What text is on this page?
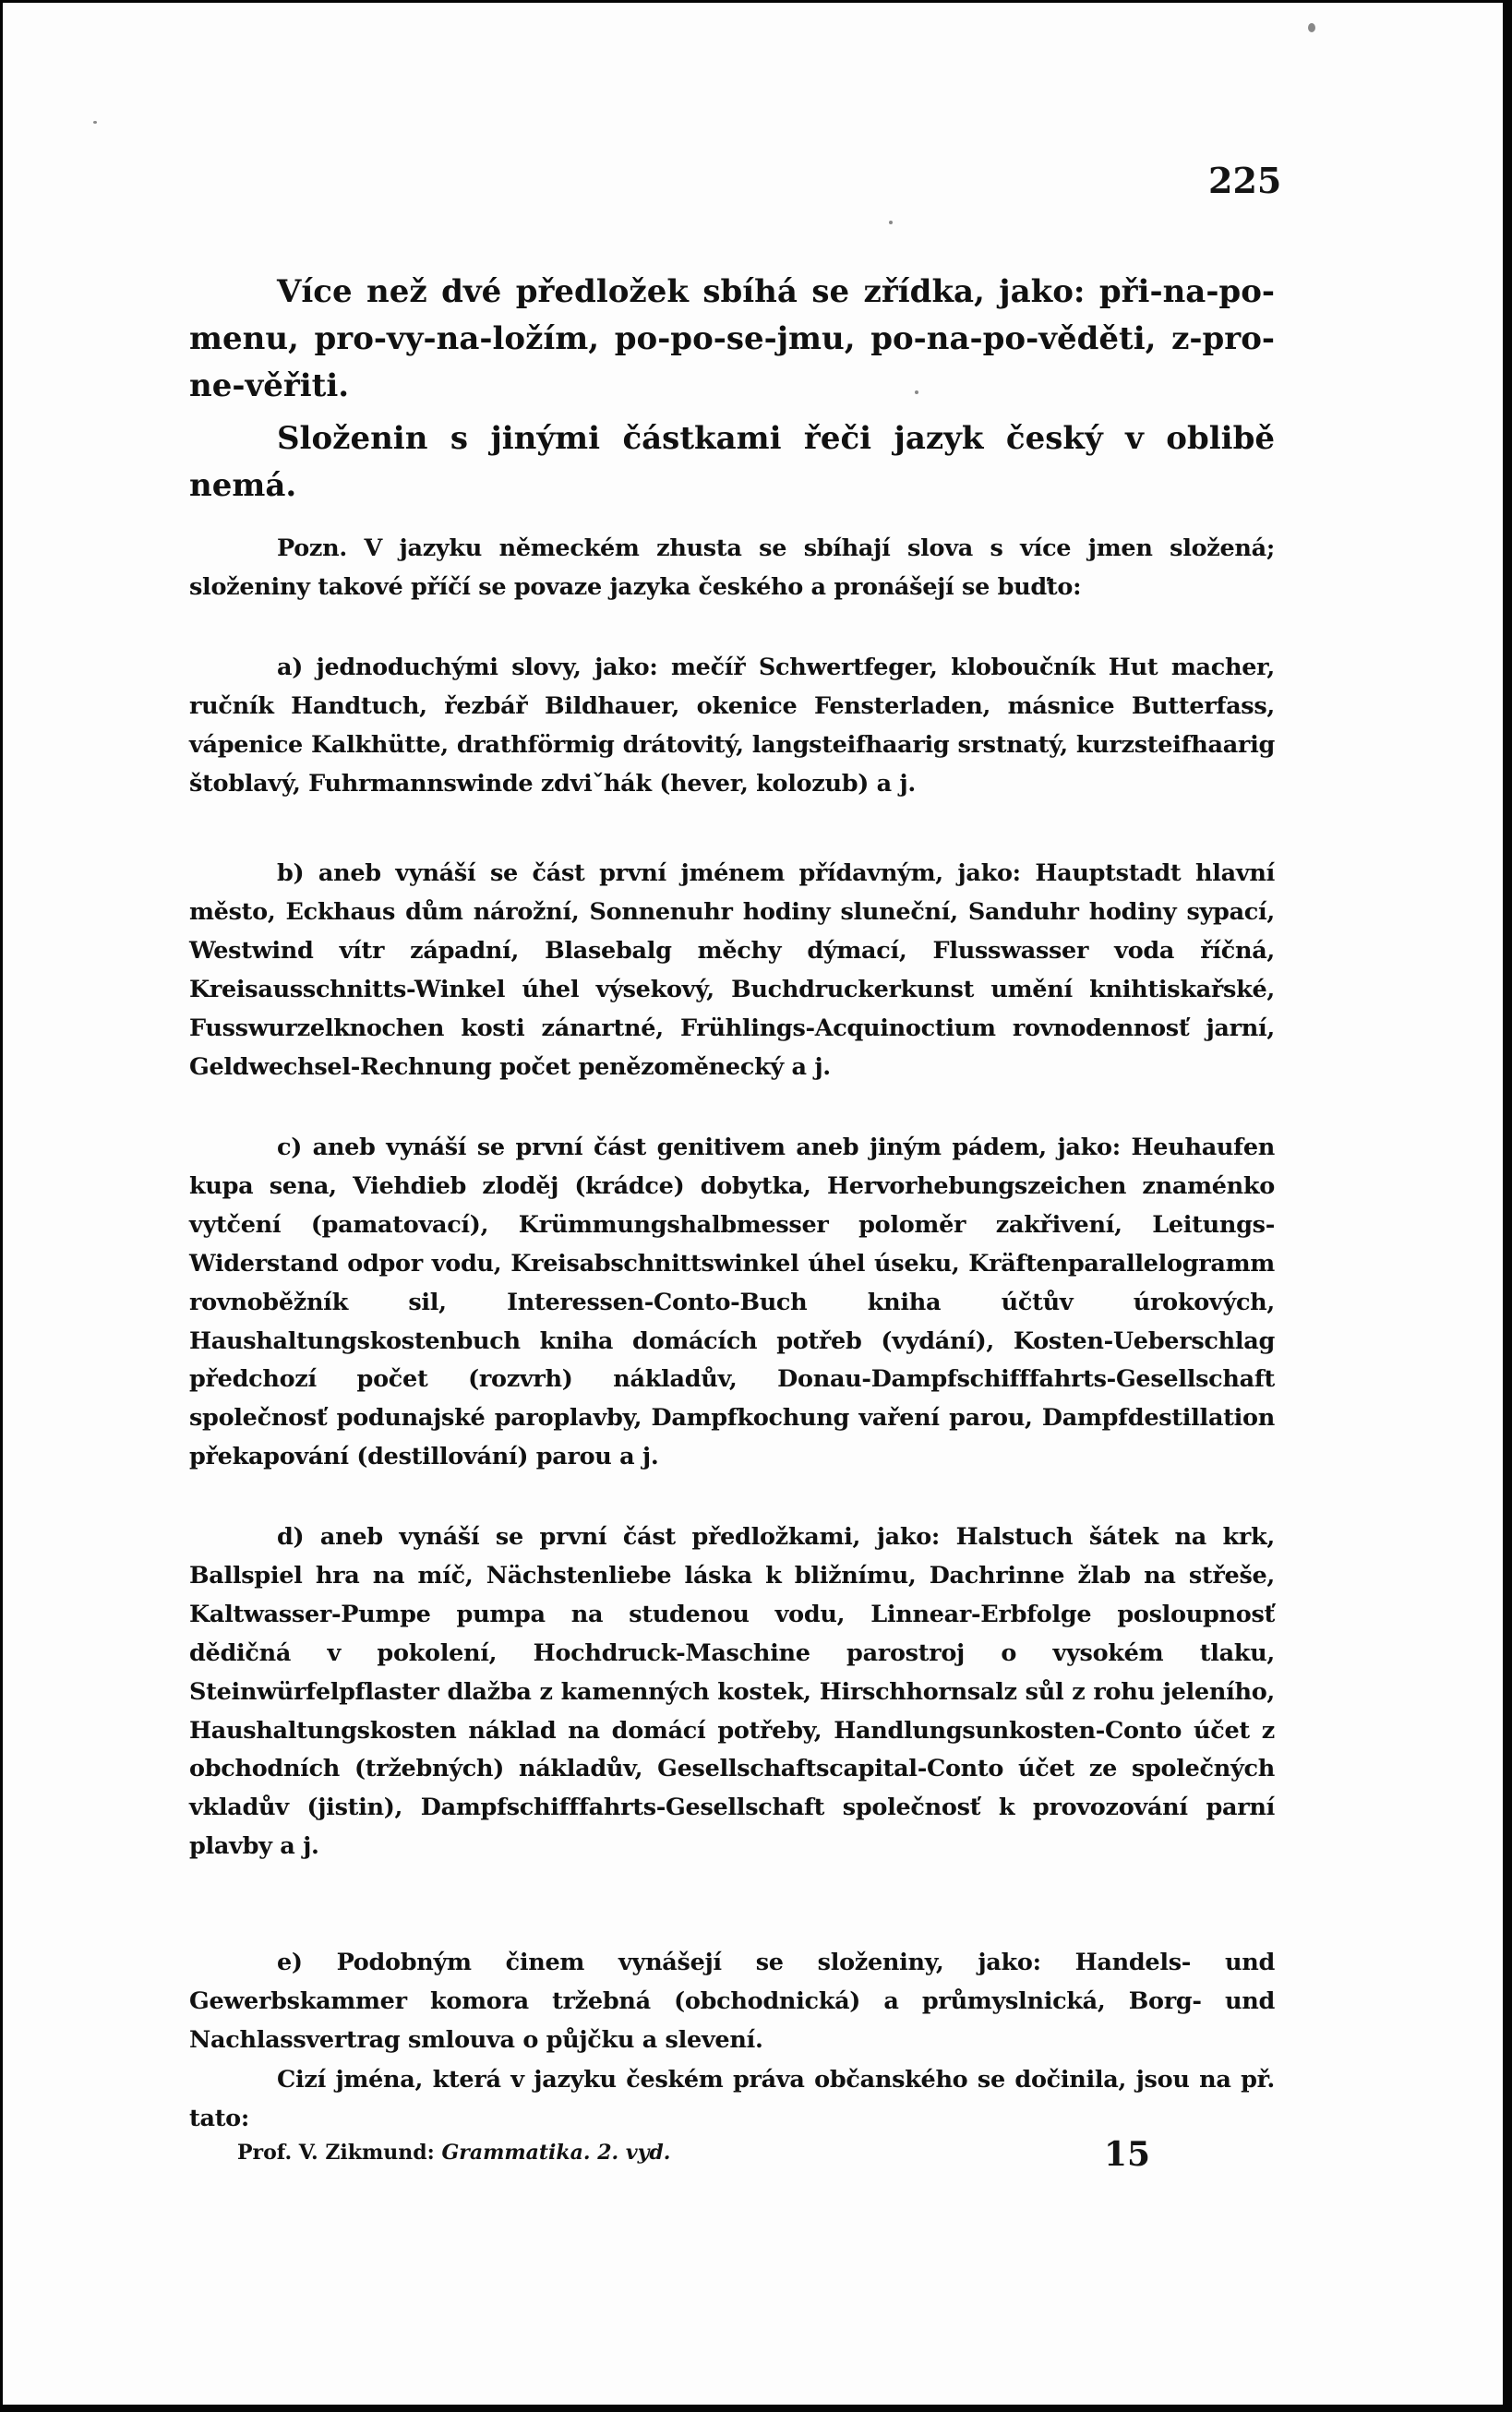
225

Více než dvé předložek sbíhá se zřídka, jako: při-na-po-menu, pro-vy-na-ložím, po-po-se-jmu, po-na-po-věděti, z-pro-ne-věřiti.

Složenin s jinými částkami řeči jazyk český v oblibě nemá.

Pozn. V jazyku německém zhusta se sbíhají slova s více jmen složená; složeniny takové příčí se povaze jazyka českého a pronášejí se buďto:

a) jednoduchými slovy, jako: mečíř Schwertfeger, kloboučník Hut macher, ručník Handtuch, řezbář Bildhauer, okenice Fensterladen, másnice Butterfass, vápenice Kalkhütte, drathförmig drátovitý, langsteifhaarig srstnatý, kurzsteifhaarig štoblavý, Fuhrmannswinde zdviˇhák (hever, kolozub) a j.

b) aneb vynáší se část první jménem přídavným, jako: Hauptstadt hlavní město, Eckhaus dům nárožní, Sonnenuhr hodiny sluneční, Sanduhr hodiny sypací, Westwind vítr západní, Blasebalg měchy dýmací, Flusswasser voda říčná, Kreisausschnitts-Winkel úhel výsekový, Buchdruckerkunst umění knihtiskařské, Fusswurzelknochen kosti zánartné, Frühlings-Acquinoctium rovnodennosť jarní, Geldwechsel-Rechnung počet penězoměnecký a j.

c) aneb vynáší se první část genitivem aneb jiným pádem, jako: Heuhaufen kupa sena, Viehdieb zloděj (krádce) dobytka, Hervorhebungszeichen znaménko vytčení (pamatovací), Krümmungshalbmesser poloměr zakřivení, Leitungs-Widerstand odpor vodu, Kreisabschnittswinkel úhel úseku, Kräftenparallelogramm rovnoběžník sil, Interessen-Conto-Buch kniha účtův úrokových, Haushaltungskostenbuch kniha domácích potřeb (vydání), Kosten-Ueberschlag předchozí počet (rozvrh) nákladův, Donau-Dampfschifffahrts-Gesellschaft společnosť podunajské paroplavby, Dampfkochung vaření parou, Dampfdestillation překapování (destillování) parou a j.

d) aneb vynáší se první část předložkami, jako: Halstuch šátek na krk, Ballspiel hra na míč, Nächstenliebe láska k bližnímu, Dachrinne žlab na střeše, Kaltwasser-Pumpe pumpa na studenou vodu, Linnear-Erbfolge posloupnosť dědičná v pokolení, Hochdruck-Maschine parostroj o vysokém tlaku, Steinwürfelpflaster dlažba z kamenných kostek, Hirschhornsalz sůl z rohu jeleního, Haushaltungskosten náklad na domácí potřeby, Handlungsunkosten-Conto účet z obchodních (tržebných) nákladův, Gesellschaftscapital-Conto účet ze společných vkladův (jistin), Dampfschifffahrts-Gesellschaft společnosť k provozování parní plavby a j.

e) Podobným činem vynášejí se složeniny, jako: Handels- und Gewerbskammer komora tržebná (obchodnická) a průmyslnická, Borg- und Nachlassvertrag smlouva o půjčku a slevení.

Cizí jména, která v jazyku českém práva občanského se dočinila, jsou na př. tato:

Prof. V. Zikmund: Grammatika. 2. vyd.	15
